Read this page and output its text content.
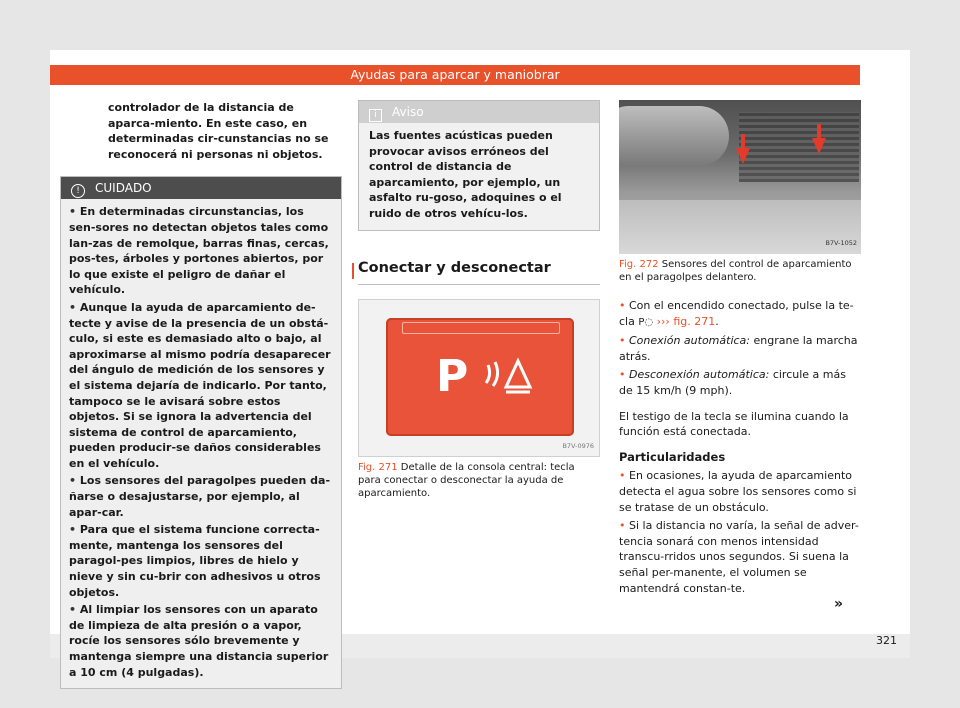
Ayudas para aparcar y maniobrar

controlador de la distancia de aparca-miento. En este caso, en determinadas cir-cunstancias no se reconocerá ni personas ni objetos.

! CUIDADO

• En determinadas circunstancias, los sen-sores no detectan objetos tales como lan-zas de remolque, barras finas, cercas, pos-tes, árboles y portones abiertos, por lo que existe el peligro de dañar el vehículo.

• Aunque la ayuda de aparcamiento de-tecte y avise de la presencia de un obstá-culo, si este es demasiado alto o bajo, al aproximarse al mismo podría desaparecer del ángulo de medición de los sensores y el sistema dejaría de indicarlo. Por tanto, tampoco se le avisará sobre estos objetos. Si se ignora la advertencia del sistema de control de aparcamiento, pueden producir-se daños considerables en el vehículo.

• Los sensores del paragolpes pueden da-ñarse o desajustarse, por ejemplo, al apar-car.

• Para que el sistema funcione correcta-mente, mantenga los sensores del paragol-pes limpios, libres de hielo y nieve y sin cu-brir con adhesivos u otros objetos.

• Al limpiar los sensores con un aparato de limpieza de alta presión o a vapor, rocíe los sensores sólo brevemente y mantenga siempre una distancia superior a 10 cm (4 pulgadas).

i Aviso

Las fuentes acústicas pueden provocar avisos erróneos del control de distancia de aparcamiento, por ejemplo, un asfalto ru-goso, adoquines o el ruido de otros vehícu-los.

Conectar y desconectar
P
B7V-0976
Fig. 271 Detalle de la consola central: tecla para conectar o desconectar la ayuda de aparcamiento.
B7V-1052
Fig. 272 Sensores del control de aparcamiento en el paragolpes delantero.

• Con el encendido conectado, pulse la te-cla P◌ ››› fig. 271.

• Conexión automática: engrane la marcha atrás.

• Desconexión automática: circule a más de 15 km/h (9 mph).

El testigo de la tecla se ilumina cuando la función está conectada.

Particularidades

• En ocasiones, la ayuda de aparcamiento detecta el agua sobre los sensores como si se tratase de un obstáculo.

• Si la distancia no varía, la señal de adver-tencia sonará con menos intensidad transcu-rridos unos segundos. Si suena la señal per-manente, el volumen se mantendrá constan-te.

»
321
